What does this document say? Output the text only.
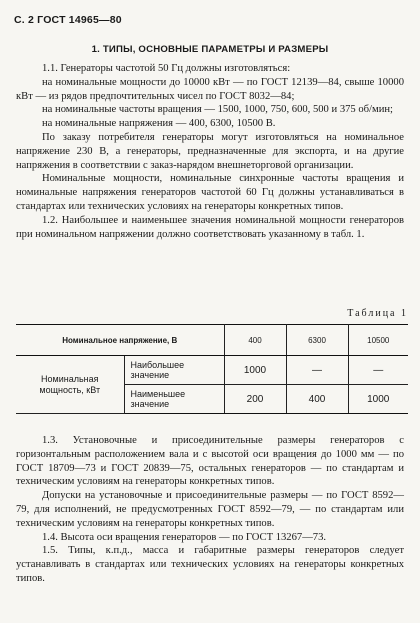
С. 2 ГОСТ 14965—80
1. ТИПЫ, ОСНОВНЫЕ ПАРАМЕТРЫ И РАЗМЕРЫ

1.1. Генераторы частотой 50 Гц должны изготовляться:

на номинальные мощности до 10000 кВт — по ГОСТ 12139—84, свыше 10000 кВт — из рядов предпочтительных чисел по ГОСТ 8032—84;

на номинальные частоты вращения — 1500, 1000, 750, 600, 500 и 375 об/мин;

на номинальные напряжения — 400, 6300, 10500 В.

По заказу потребителя генераторы могут изготовляться на номинальное напряжение 230 В, а генераторы, предназначенные для экспорта, и на другие напряжения в соответствии с заказ-нарядом внешнеторговой организации.

Номинальные мощности, номинальные синхронные частоты вращения и номинальные напряжения генераторов частотой 60 Гц должны устанавливаться в стандартах или технических условиях на генераторы конкретных типов.

1.2. Наибольшее и наименьшее значения номинальной мощности генераторов при номинальном напряжении должно соответствовать указанному в табл. 1.

Таблица 1
Номинальное напряжение, В		400	6300	10500
Номинальная мощность, кВт	Наибольшее значение	1000	—	—
	Наименьшее значение	200	400	1000

1.3. Установочные и присоединительные размеры генераторов с горизонтальным расположением вала и с высотой оси вращения до 1000 мм — по ГОСТ 18709—73 и ГОСТ 20839—75, остальных генераторов — по стандартам и техническим условиям на генераторы конкретных типов.

Допуски на установочные и присоединительные размеры — по ГОСТ 8592—79, для исполнений, не предусмотренных ГОСТ 8592—79, — по стандартам или техническим условиям на генераторы конкретных типов.

1.4. Высота оси вращения генераторов — по ГОСТ 13267—73.

1.5. Типы, к.п.д., масса и габаритные размеры генераторов следует устанавливать в стандартах или технических условиях на генераторы конкретных типов.
